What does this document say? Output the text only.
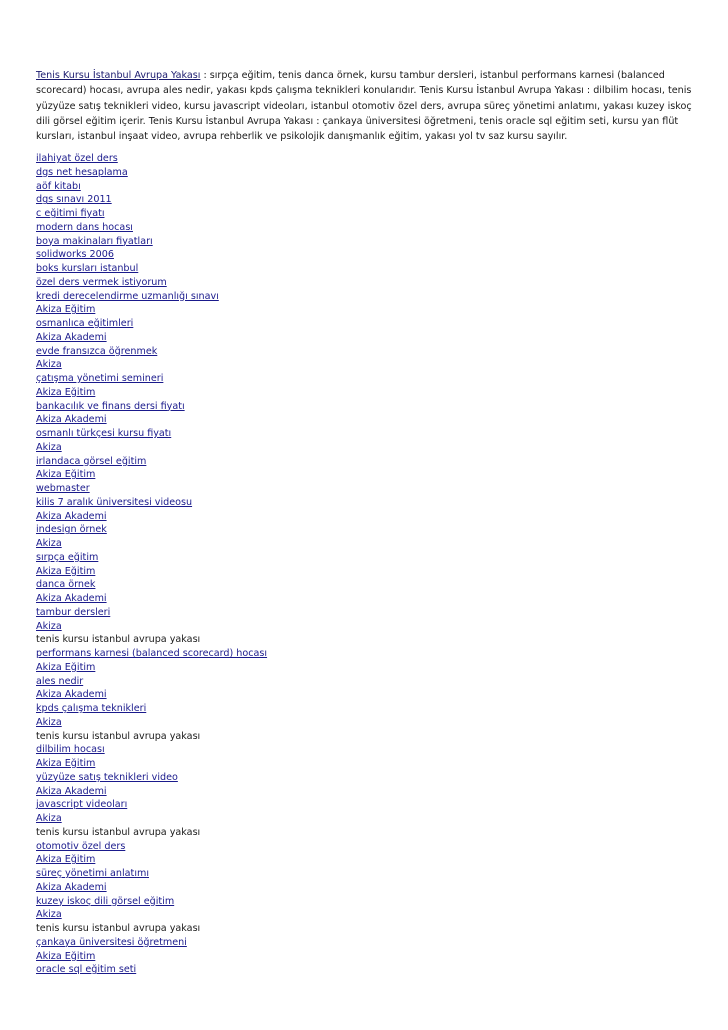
Tenis Kursu İstanbul Avrupa Yakası : sırpça eğitim, tenis danca örnek, kursu tambur dersleri, istanbul performans karnesi (balanced scorecard) hocası, avrupa ales nedir, yakası kpds çalışma teknikleri konularıdır. Tenis Kursu İstanbul Avrupa Yakası : dilbilim hocası, tenis yüzyüze satış teknikleri video, kursu javascript videoları, istanbul otomotiv özel ders, avrupa süreç yönetimi anlatımı, yakası kuzey iskoç dili görsel eğitim içerir. Tenis Kursu İstanbul Avrupa Yakası : çankaya üniversitesi öğretmeni, tenis oracle sql eğitim seti, kursu yan flüt kursları, istanbul inşaat video, avrupa rehberlik ve psikolojik danışmanlık eğitim, yakası yol tv saz kursu sayılır.

ilahiyat özel ders
dgs net hesaplama
aöf kitabı
dgs sınavı 2011
c eğitimi fiyatı
modern dans hocası
boya makinaları fiyatları
solidworks 2006
boks kursları istanbul
özel ders vermek istiyorum
kredi derecelendirme uzmanlığı sınavı
Akiza Eğitim
osmanlıca eğitimleri
Akiza Akademi
evde fransızca öğrenmek
Akiza
çatışma yönetimi semineri
Akiza Eğitim
bankacılık ve finans dersi fiyatı
Akiza Akademi
osmanlı türkçesi kursu fiyatı
Akiza
irlandaca görsel eğitim
Akiza Eğitim
webmaster
kilis 7 aralık üniversitesi videosu
Akiza Akademi
indesign örnek
Akiza
sırpça eğitim
Akiza Eğitim
danca örnek
Akiza Akademi
tambur dersleri
Akiza
tenis kursu istanbul avrupa yakası
performans karnesi (balanced scorecard) hocası
Akiza Eğitim
ales nedir
Akiza Akademi
kpds çalışma teknikleri
Akiza
tenis kursu istanbul avrupa yakası
dilbilim hocası
Akiza Eğitim
yüzyüze satış teknikleri video
Akiza Akademi
javascript videoları
Akiza
tenis kursu istanbul avrupa yakası
otomotiv özel ders
Akiza Eğitim
süreç yönetimi anlatımı
Akiza Akademi
kuzey iskoç dili görsel eğitim
Akiza
tenis kursu istanbul avrupa yakası
çankaya üniversitesi öğretmeni
Akiza Eğitim
oracle sql eğitim seti
